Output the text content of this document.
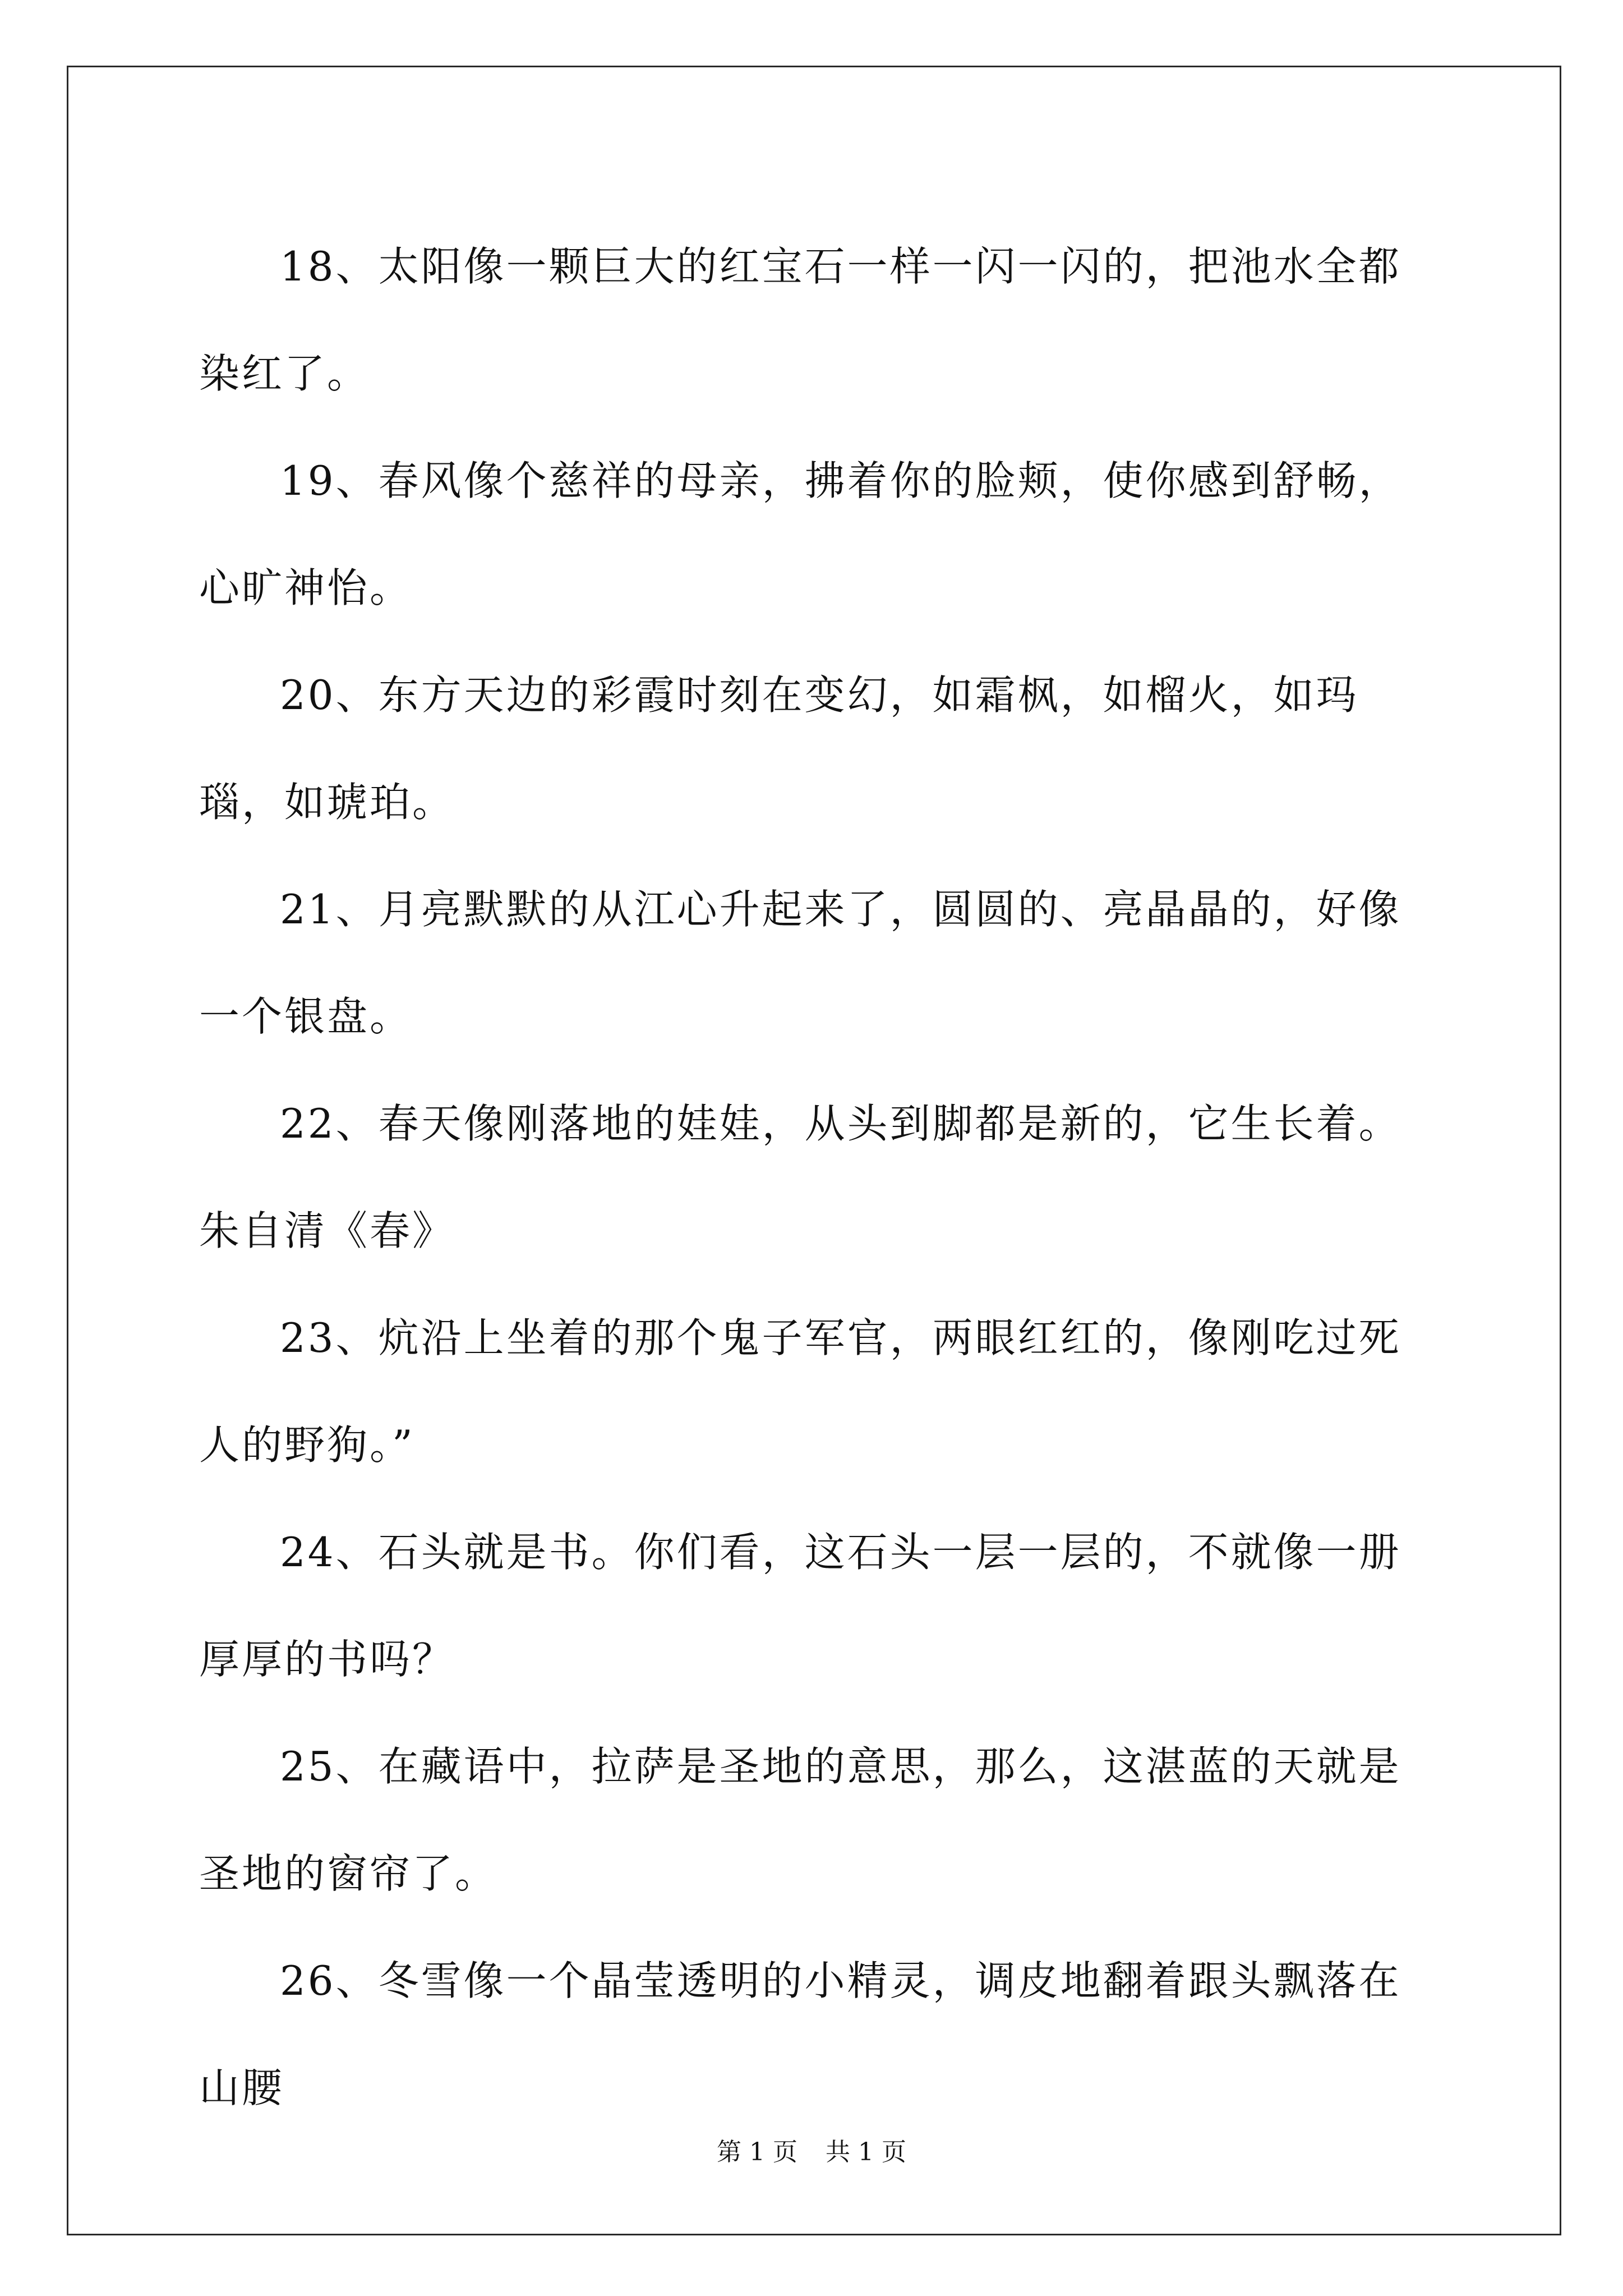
18、太阳像一颗巨大的红宝石一样一闪一闪的，把池水全都染红了。

19、春风像个慈祥的母亲，拂着你的脸颊，使你感到舒畅，心旷神怡。

20、东方天边的彩霞时刻在变幻，如霜枫，如榴火，如玛瑙，如琥珀。

21、月亮默默的从江心升起来了，圆圆的、亮晶晶的，好像一个银盘。

22、春天像刚落地的娃娃，从头到脚都是新的，它生长着。朱自清《春》

23、炕沿上坐着的那个鬼子军官，两眼红红的，像刚吃过死人的野狗。”

24、石头就是书。你们看，这石头一层一层的，不就像一册厚厚的书吗？

25、在藏语中，拉萨是圣地的意思，那么，这湛蓝的天就是圣地的窗帘了。

26、冬雪像一个晶莹透明的小精灵，调皮地翻着跟头飘落在山腰

第 1 页 共 1 页
